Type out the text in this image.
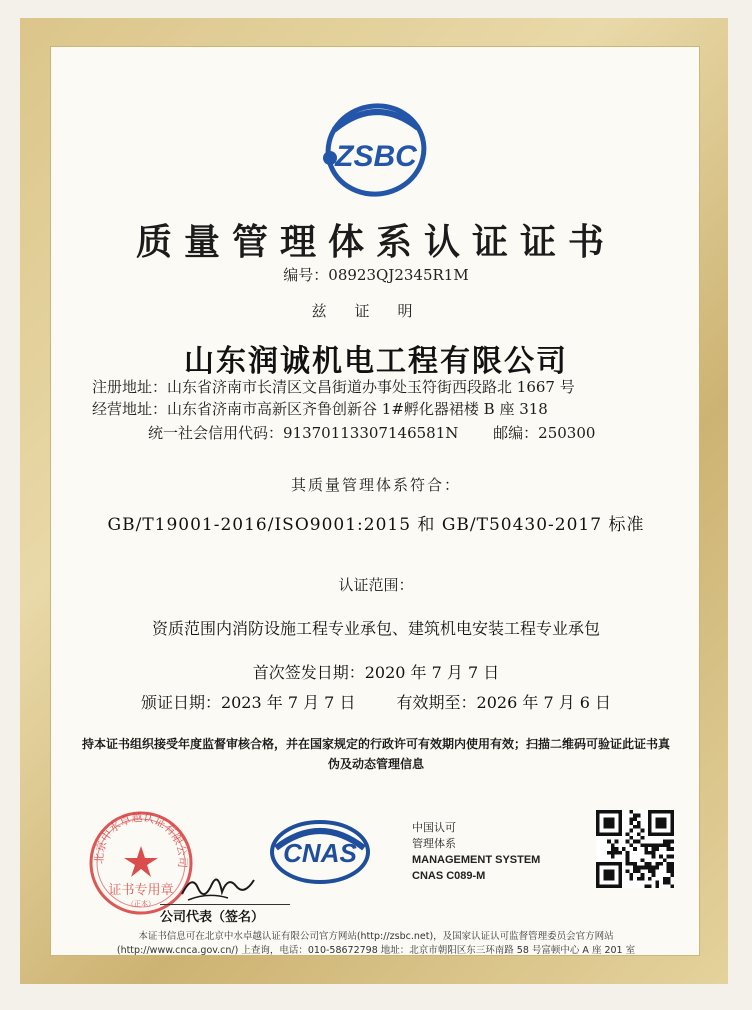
ZSBC
质量管理体系认证证书
编号：08923QJ2345R1M
兹证明
山东润诚机电工程有限公司
注册地址：山东省济南市长清区文昌街道办事处玉符街西段路北 1667 号
经营地址：山东省济南市高新区齐鲁创新谷 1#孵化器裙楼 B 座 318
统一社会信用代码：91370113307146581N 邮编：250300
其质量管理体系符合：
GB/T19001-2016/ISO9001:2015 和 GB/T50430-2017 标准
认证范围：
资质范围内消防设施工程专业承包、建筑机电安装工程专业承包
首次签发日期：2020 年 7 月 7 日
颁证日期：2023 年 7 月 7 日	有效期至：2026 年 7 月 6 日
持本证书组织接受年度监督审核合格，并在国家规定的行政许可有效期内使用有效；扫描二维码可验证此证书真伪及动态管理信息
北京中水卓越认证有限公司
证书专用章
（正本）
CNAS
中国认可
管理体系
MANAGEMENT SYSTEM
CNAS C089-M
公司代表（签名）
本证书信息可在北京中水卓越认证有限公司官方网站(http://zsbc.net)，及国家认证认可监督管理委员会官方网站
(http://www.cnca.gov.cn/) 上查询，电话：010-58672798 地址：北京市朝阳区东三环南路 58 号富顿中心 A 座 201 室
